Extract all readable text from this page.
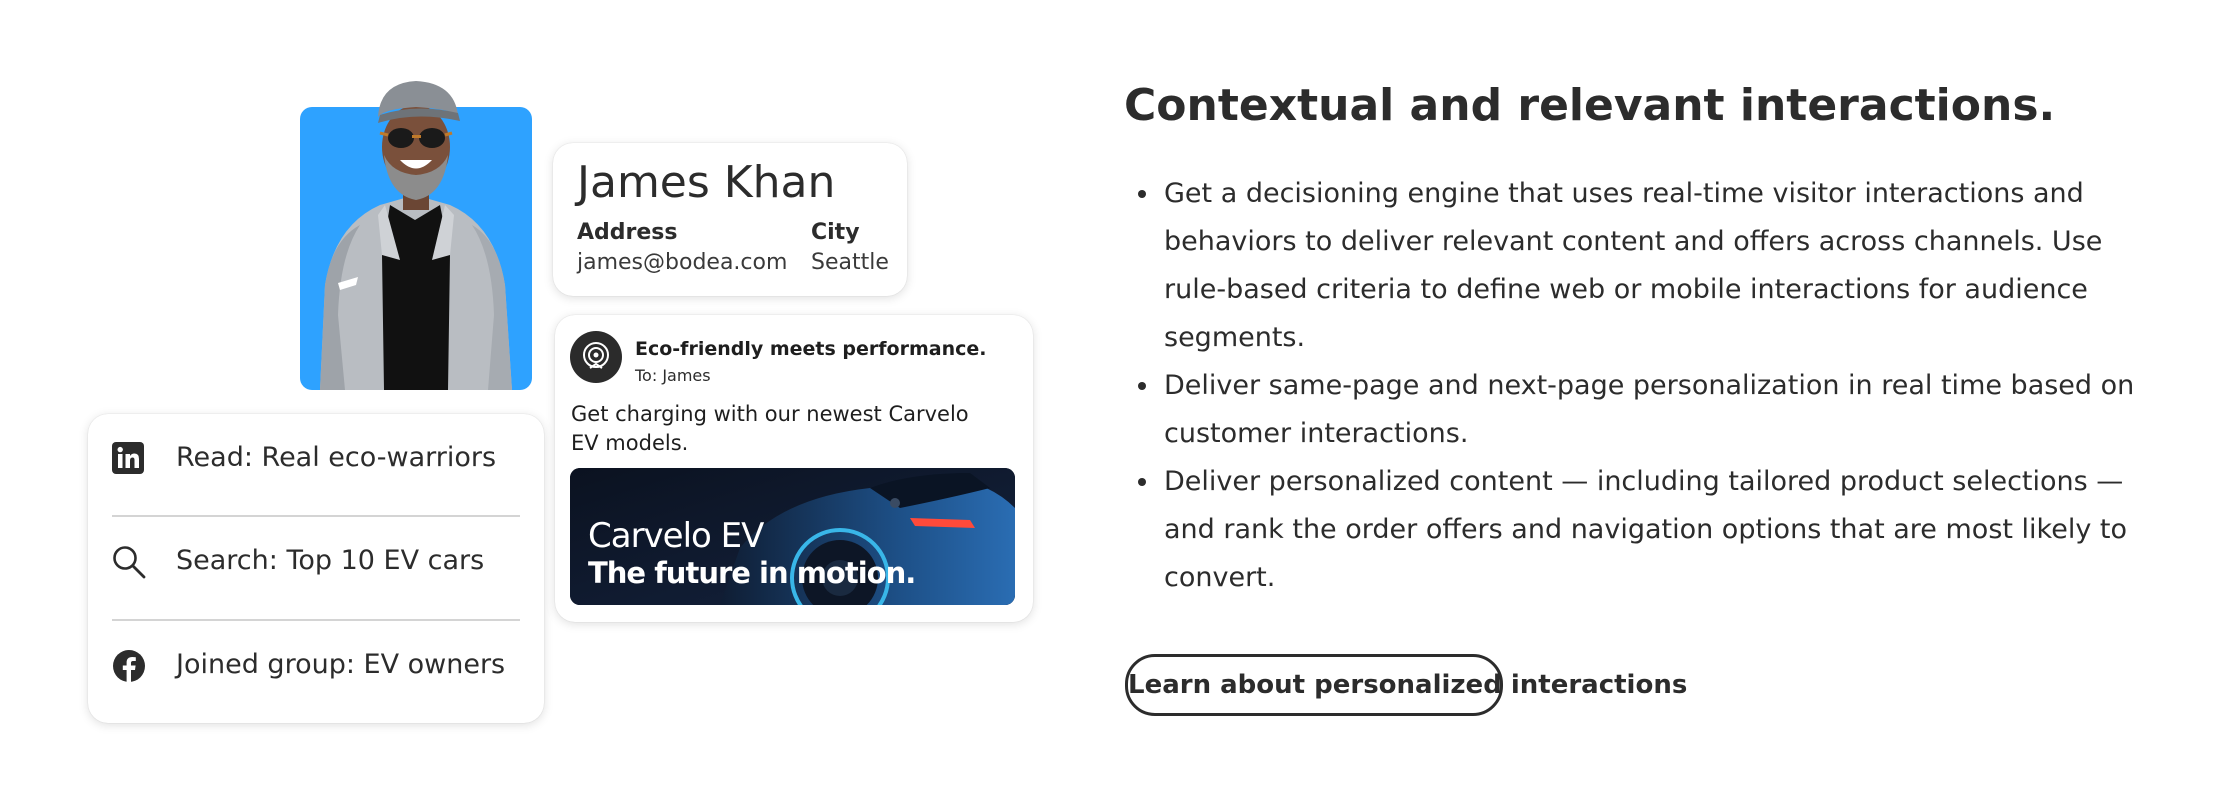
James Khan
Address
james@bodea.com
City
Seattle
Read: Real eco-warriors
Search: Top 10 EV cars
Joined group: EV owners
Eco-friendly meets performance.
To: James
Get charging with our newest Carvelo EV models.
Carvelo EV
The future in motion.
Contextual and relevant interactions.
Get a decisioning engine that uses real-time visitor interactions and behaviors to deliver relevant content and offers across channels. Use rule-based criteria to define web or mobile interactions for audience segments.
Deliver same-page and next-page personalization in real time based on customer interactions.
Deliver personalized content — including tailored product selections — and rank the order offers and navigation options that are most likely to convert.
Learn about personalized interactions
